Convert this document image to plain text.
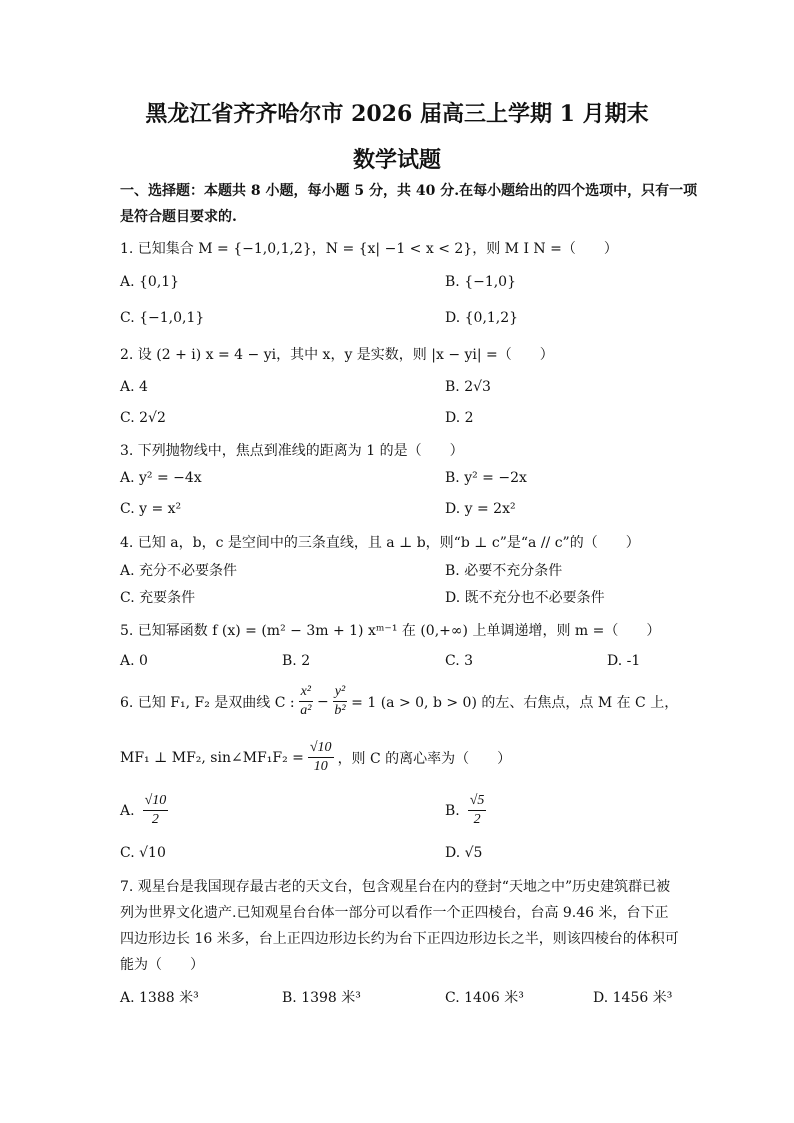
黑龙江省齐齐哈尔市 2026 届高三上学期 1 月期末
数学试题
一、选择题：本题共 8 小题，每小题 5 分，共 40 分.在每小题给出的四个选项中，只有一项
是符合题目要求的.
1. 已知集合 M = {−1,0,1,2}，N = {x| −1 < x < 2}，则 M I N =（　　）
A. {0,1}	B. {−1,0}
C. {−1,0,1}	D. {0,1,2}
2. 设 (2 + i) x = 4 − yi，其中 x，y 是实数，则 |x − yi| =（　　）
A. 4	B. 2√3
C. 2√2	D. 2
3. 下列抛物线中，焦点到准线的距离为 1 的是（　　）
A. y² = −4x	B. y² = −2x
C. y = x²	D. y = 2x²
4. 已知 a，b，c 是空间中的三条直线，且 a ⊥ b，则“b ⊥ c”是“a // c”的（　　）
A. 充分不必要条件	B. 必要不充分条件
C. 充要条件	D. 既不充分也不必要条件
5. 已知幂函数 f (x) = (m² − 3m + 1) xᵐ⁻¹ 在 (0,+∞) 上单调递增，则 m =（　　）
A. 0	B. 2	C. 3	D. -1
6. 已知 F₁, F₂ 是双曲线 C : $\frac{\text{x²}}{\text{a²}} - \frac{\text{y²}}{\text{b²}} = 1$ (a > 0, b > 0) 的左、右焦点，点 M 在 C 上，
MF₁ ⊥ MF₂, sin∠MF₁F₂ = $\frac{√10}{10}$ ，则 C 的离心率为（　　）
A. $\frac{√10}{2}$	B. $\frac{√5}{2}$
C. √10	D. √5
7. 观星台是我国现存最古老的天文台，包含观星台在内的登封“天地之中”历史建筑群已被列为世界文化遗产.已知观星台台体一部分可以看作一个正四棱台，台高 9.46 米，台下正四边形边长 16 米多，台上正四边形边长约为台下正四边形边长之半，则该四棱台的体积可能为（　　）
A. 1388 米³	B. 1398 米³	C. 1406 米³	D. 1456 米³
